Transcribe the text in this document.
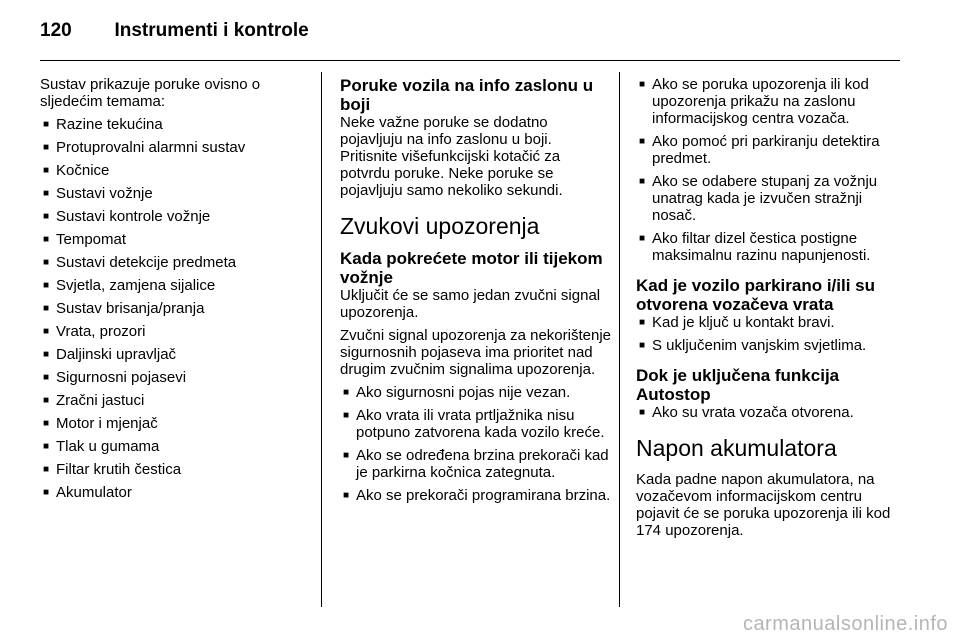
120 Instrumenti i kontrole

Sustav prikazuje poruke ovisno o sljedećim temama:

■ Razine tekućina
■ Protuprovalni alarmni sustav
■ Kočnice
■ Sustavi vožnje
■ Sustavi kontrole vožnje
■ Tempomat
■ Sustavi detekcije predmeta
■ Svjetla, zamjena sijalice
■ Sustav brisanja/pranja
■ Vrata, prozori
■ Daljinski upravljač
■ Sigurnosni pojasevi
■ Zračni jastuci
■ Motor i mjenjač
■ Tlak u gumama
■ Filtar krutih čestica
■ Akumulator
Poruke vozila na info zaslonu u boji

Neke važne poruke se dodatno pojavljuju na info zaslonu u boji. Pritisnite višefunkcijski kotačić za potvrdu poruke. Neke poruke se pojavljuju samo nekoliko sekundi.

Zvukovi upozorenja
Kada pokrećete motor ili tijekom vožnje

Uključit će se samo jedan zvučni signal upozorenja.

Zvučni signal upozorenja za nekorištenje sigurnosnih pojaseva ima prioritet nad drugim zvučnim signalima upozorenja.

■ Ako sigurnosni pojas nije vezan.
■ Ako vrata ili vrata prtljažnika nisu potpuno zatvorena kada vozilo kreće.
■ Ako se određena brzina prekorači kad je parkirna kočnica zategnuta.
■ Ako se prekorači programirana brzina.
■ Ako se poruka upozorenja ili kod upozorenja prikažu na zaslonu informacijskog centra vozača.
■ Ako pomoć pri parkiranju detektira predmet.
■ Ako se odabere stupanj za vožnju unatrag kada je izvučen stražnji nosač.
■ Ako filtar dizel čestica postigne maksimalnu razinu napunjenosti.
Kad je vozilo parkirano i/ili su otvorena vozačeva vrata
■ Kad je ključ u kontakt bravi.
■ S uključenim vanjskim svjetlima.
Dok je uključena funkcija Autostop
■ Ako su vrata vozača otvorena.
Napon akumulatora

Kada padne napon akumulatora, na vozačevom informacijskom centru pojavit će se poruka upozorenja ili kod 174 upozorenja.

carmanualsonline.info
